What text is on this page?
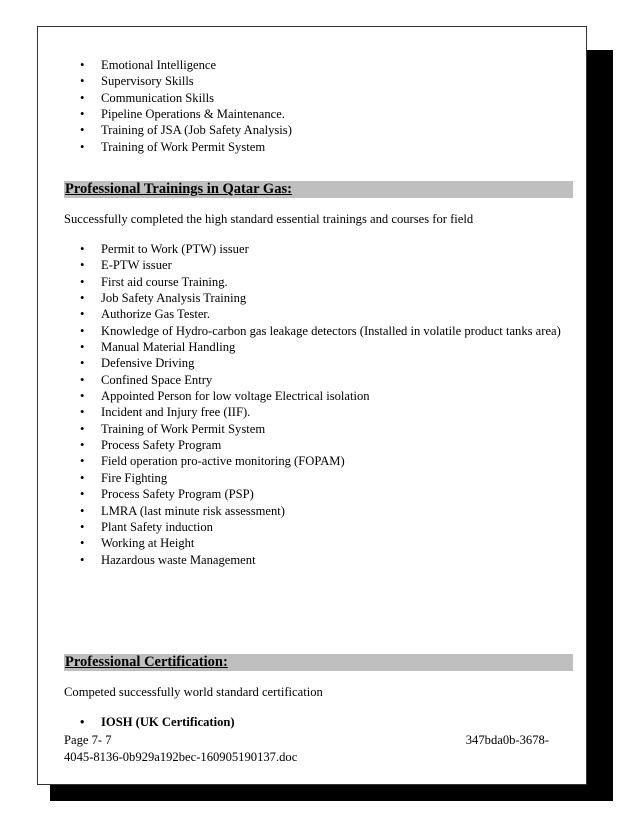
• Emotional Intelligence
• Supervisory Skills
• Communication Skills
• Pipeline Operations & Maintenance.
• Training of JSA (Job Safety Analysis)
• Training of Work Permit System
Professional Trainings in Qatar Gas:
Successfully completed the high standard essential trainings and courses for field
• Permit to Work (PTW) issuer
• E-PTW issuer
• First aid course Training.
• Job Safety Analysis Training
• Authorize Gas Tester.
• Knowledge of Hydro-carbon gas leakage detectors (Installed in volatile product tanks area)
• Manual Material Handling
• Defensive Driving
• Confined Space Entry
• Appointed Person for low voltage Electrical isolation
• Incident and Injury free (IIF).
• Training of Work Permit System
• Process Safety Program
• Field operation pro-active monitoring (FOPAM)
• Fire Fighting
• Process Safety Program (PSP)
• LMRA (last minute risk assessment)
• Plant Safety induction
• Working at Height
• Hazardous waste Management
Professional Certification:
Competed successfully world standard certification
• IOSH (UK Certification)
Page 7- 7	347bda0b-3678-
4045-8136-0b929a192bec-160905190137.doc
